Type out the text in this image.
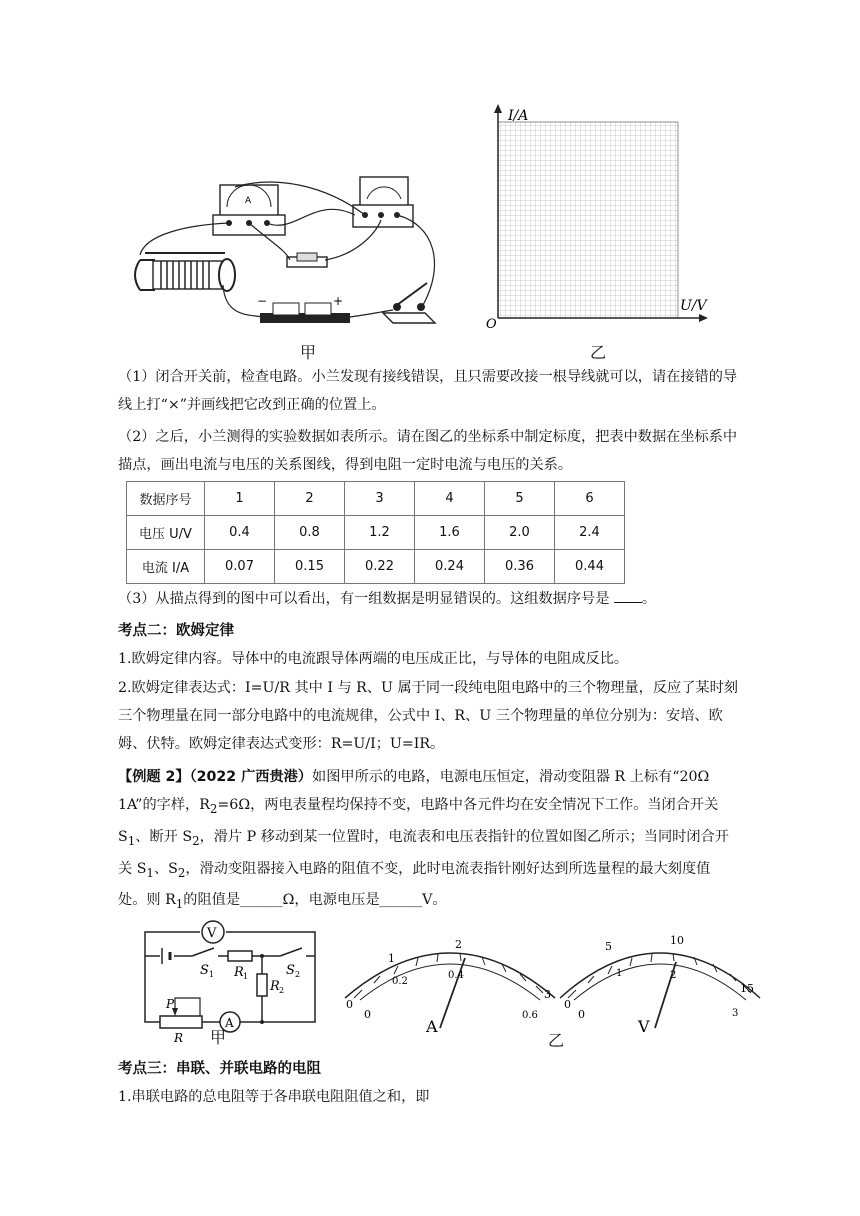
A
−	+
甲
I/A
U/V
O
乙
（1）闭合开关前，检查电路。小兰发现有接线错误，且只需要改接一根导线就可以，请在接错的导线上打“×”并画线把它改到正确的位置上。
（2）之后，小兰测得的实验数据如表所示。请在图乙的坐标系中制定标度，把表中数据在坐标系中描点，画出电流与电压的关系图线，得到电阻一定时电流与电压的关系。
数据序号	1	2	3	4	5	6
电压 U/V	0.4	0.8	1.2	1.6	2.0	2.4
电流 I/A	0.07	0.15	0.22	0.24	0.36	0.44
（3）从描点得到的图中可以看出，有一组数据是明显错误的。这组数据序号是 。
考点二：欧姆定律
1.欧姆定律内容。导体中的电流跟导体两端的电压成正比，与导体的电阻成反比。
2.欧姆定律表达式：I=U/R 其中 I 与 R、U 属于同一段纯电阻电路中的三个物理量，反应了某时刻三个物理量在同一部分电路中的电流规律，公式中 I、R、U 三个物理量的单位分别为：安培、欧姆、伏特。欧姆定律表达式变形：R=U/I；U=IR。
【例题 2】（2022 广西贵港）如图甲所示的电路，电源电压恒定，滑动变阻器 R 上标有“20Ω 1A”的字样，$R_2=6\Omega$，两电表量程均保持不变，电路中各元件均在安全情况下工作。当闭合开关 $S_1$、断开 $S_2$，滑片 P 移动到某一位置时，电流表和电压表指针的位置如图乙所示；当同时闭合开关 $S_1$、$S_2$，滑动变阻器接入电路的阻值不变，此时电流表指针刚好达到所选量程的最大刻度值处。则 $R_1$的阻值是______Ω，电源电压是______V。
V
S 1 R 1
R 2
S 2
P
R
A
甲
0
1
2
3
0
0.2
0.4
0.6
A
0
5	10
15
0
1	2
3
V
乙
考点三：串联、并联电路的电阻
1.串联电路的总电阻等于各串联电阻阻值之和，即
